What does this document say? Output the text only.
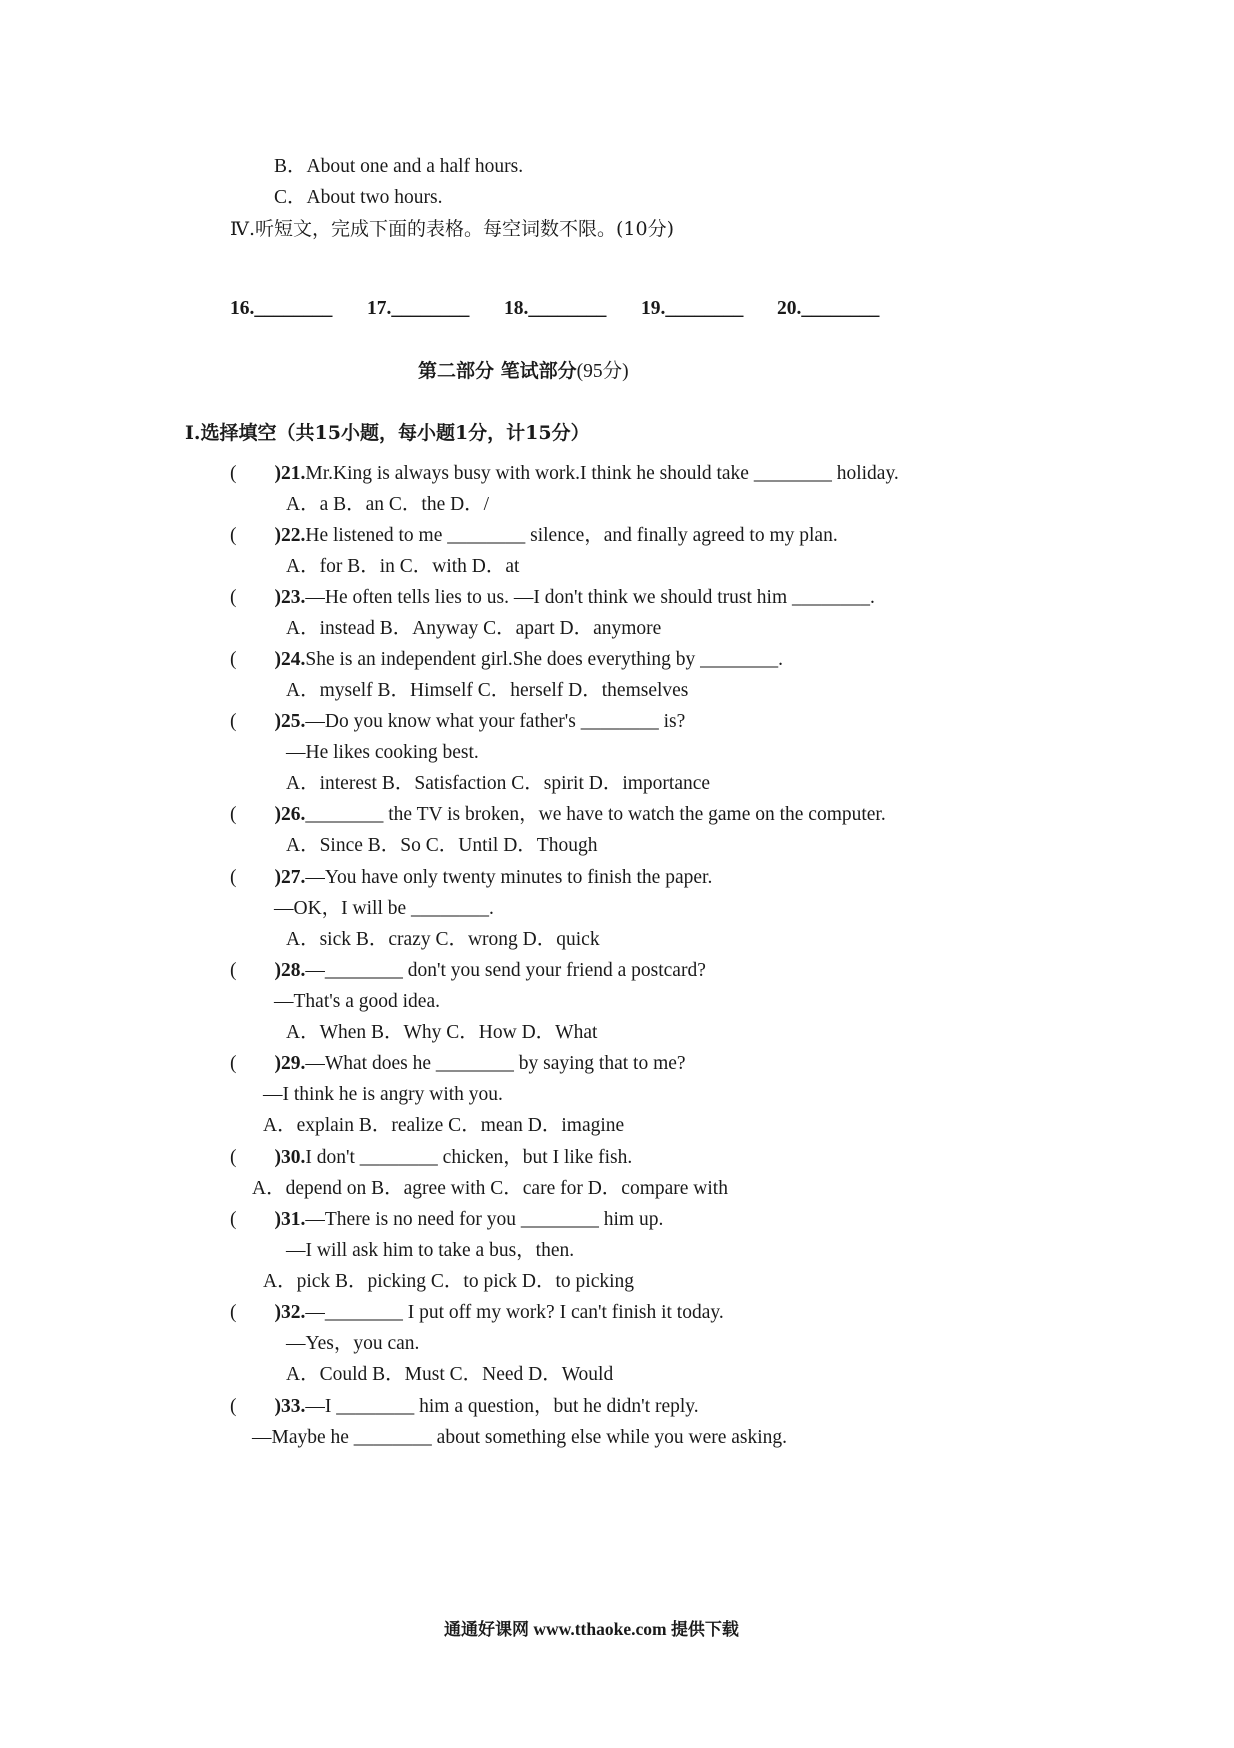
B．About one and a half hours.
C．About two hours.
Ⅳ.听短文，完成下面的表格。每空词数不限。(10分)
16.________ 17.________ 18.________ 19.________ 20.________
第二部分 笔试部分(95分)
Ⅰ.选择填空（共15小题，每小题1分，计15分）
( )21.Mr.King is always busy with work.I think he should take ________ holiday.
A．a B．an C．the D．/
( )22.He listened to me ________ silence，and finally agreed to my plan.
A．for B．in C．with D．at
( )23.—He often tells lies to us. —I don't think we should trust him ________.
A．instead B．Anyway C．apart D．anymore
( )24.She is an independent girl.She does everything by ________.
A．myself B．Himself C．herself D．themselves
( )25.—Do you know what your father's ________ is?
—He likes cooking best.
A．interest B．Satisfaction C．spirit D．importance
( )26.________ the TV is broken，we have to watch the game on the computer.
A．Since B．So C．Until D．Though
( )27.—You have only twenty minutes to finish the paper.
—OK，I will be ________.
A．sick B．crazy C．wrong D．quick
( )28.—________ don't you send your friend a postcard?
—That's a good idea.
A．When B．Why C．How D．What
( )29.—What does he ________ by saying that to me?
—I think he is angry with you.
A．explain B．realize C．mean D．imagine
( )30.I don't ________ chicken，but I like fish.
A．depend on B．agree with C．care for D．compare with
( )31.—There is no need for you ________ him up.
—I will ask him to take a bus，then.
A．pick B．picking C．to pick D．to picking
( )32.—________ I put off my work? I can't finish it today.
—Yes，you can.
A．Could B．Must C．Need D．Would
( )33.—I ________ him a question，but he didn't reply.
—Maybe he ________ about something else while you were asking.
通通好课网 www.tthaoke.com 提供下载
